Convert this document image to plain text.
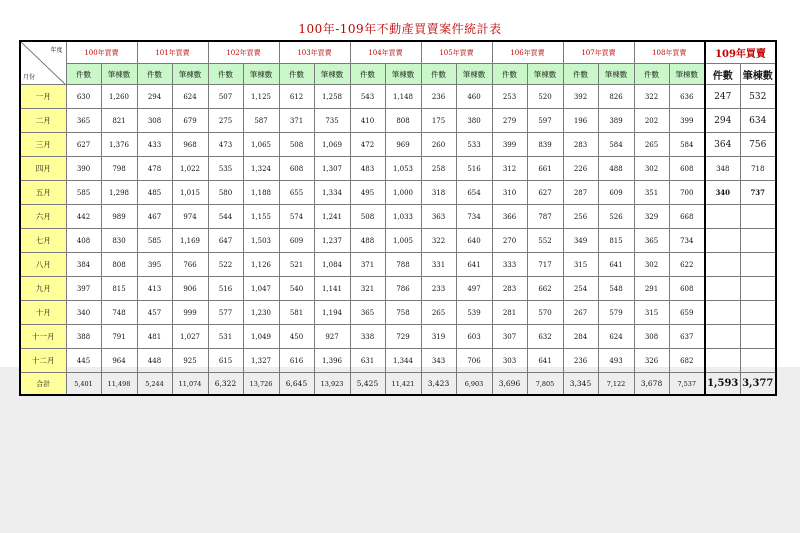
100年-109年不動產買賣案件統計表
年度
月份	100年買賣		101年買賣		102年買賣		103年買賣		104年買賣		105年買賣		106年買賣		107年買賣		108年買賣		109年買賣	
	件數	筆棟數	件數	筆棟數	件數	筆棟數	件數	筆棟數	件數	筆棟數	件數	筆棟數	件數	筆棟數	件數	筆棟數	件數	筆棟數	件數	筆棟數
一月	630	1,260	294	624	507	1,125	612	1,258	543	1,148	236	460	253	520	392	826	322	636	247	532
二月	365	821	308	679	275	587	371	735	410	808	175	380	279	597	196	389	202	399	294	634
三月	627	1,376	433	968	473	1,065	508	1,069	472	969	260	533	399	839	283	584	265	584	364	756
四月	390	798	478	1,022	535	1,324	608	1,307	483	1,053	258	516	312	661	226	488	302	608	348	718
五月	585	1,298	485	1,015	580	1,188	655	1,334	495	1,000	318	654	310	627	287	609	351	700	340	737
六月	442	989	467	974	544	1,155	574	1,241	508	1,033	363	734	366	787	256	526	329	668		
七月	408	830	585	1,169	647	1,503	609	1,237	488	1,005	322	640	270	552	349	815	365	734		
八月	384	808	395	766	522	1,126	521	1,084	371	788	331	641	333	717	315	641	302	622		
九月	397	815	413	906	516	1,047	540	1,141	321	786	233	497	283	662	254	548	291	608		
十月	340	748	457	999	577	1,230	581	1,194	365	758	265	539	281	570	267	579	315	659		
十一月	388	791	481	1,027	531	1,049	450	927	338	729	319	603	307	632	284	624	308	637		
十二月	445	964	448	925	615	1,327	616	1,396	631	1,344	343	706	303	641	236	493	326	682		
合計	5,401	11,498	5,244	11,074	6,322	13,726	6,645	13,923	5,425	11,421	3,423	6,903	3,696	7,805	3,345	7,122	3,678	7,537	1,593	3,377
